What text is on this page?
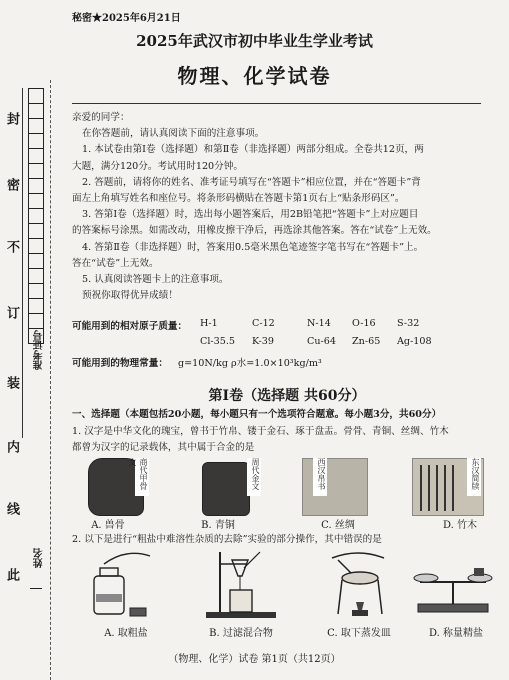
封
密
不
订
装
内
线
此
准考证号
姓名
秘密★2025年6月21日
2025年武汉市初中毕业生学业考试
物理、化学试卷
亲爱的同学：
在你答题前，请认真阅读下面的注意事项。
1. 本试卷由第Ⅰ卷（选择题）和第Ⅱ卷（非选择题）两部分组成。全卷共12页，两
大题，满分120分。考试用时120分钟。
2. 答题前，请将你的姓名、准考证号填写在“答题卡”相应位置，并在“答题卡”背
面左上角填写姓名和座位号。将条形码横贴在答题卡第1页右上“贴条形码区”。
3. 答第Ⅰ卷（选择题）时，选出每小题答案后，用2B铅笔把“答题卡”上对应题目
的答案标号涂黑。如需改动，用橡皮擦干净后，再选涂其他答案。答在“试卷”上无效。
4. 答第Ⅱ卷（非选择题）时，答案用0.5毫米黑色笔迹签字笔书写在“答题卡”上。
答在“试卷”上无效。
5. 认真阅读答题卡上的注意事项。
预祝你取得优异成绩！
可能用到的相对原子质量： H-1	C-12	N-14 O-16 S-32
Cl-35.5 K-39	Cu-64 Zn-65 Ag-108
可能用到的物理常量： g=10N/kg ρ水=1.0×10³kg/m³
第Ⅰ卷（选择题 共60分）
一、选择题（本题包括20小题，每小题只有一个选项符合题意。每小题3分，共60分）
1. 汉字是中华文化的瑰宝，曾书于竹帛、镂于金石、琢于盘盂。骨骨、青铜、丝绸、竹木
都曾为汉字的记录载体，其中属于合金的是
商代甲骨文	周代金文	西汉帛书	东汉简牍
A. 兽骨	B. 青铜	C. 丝绸	D. 竹木
2. 以下是进行“粗盐中难溶性杂质的去除”实验的部分操作，其中错误的是
A. 取粗盐	B. 过滤混合物	C. 取下蒸发皿	D. 称量精盐
（物理、化学）试卷 第1页（共12页）
